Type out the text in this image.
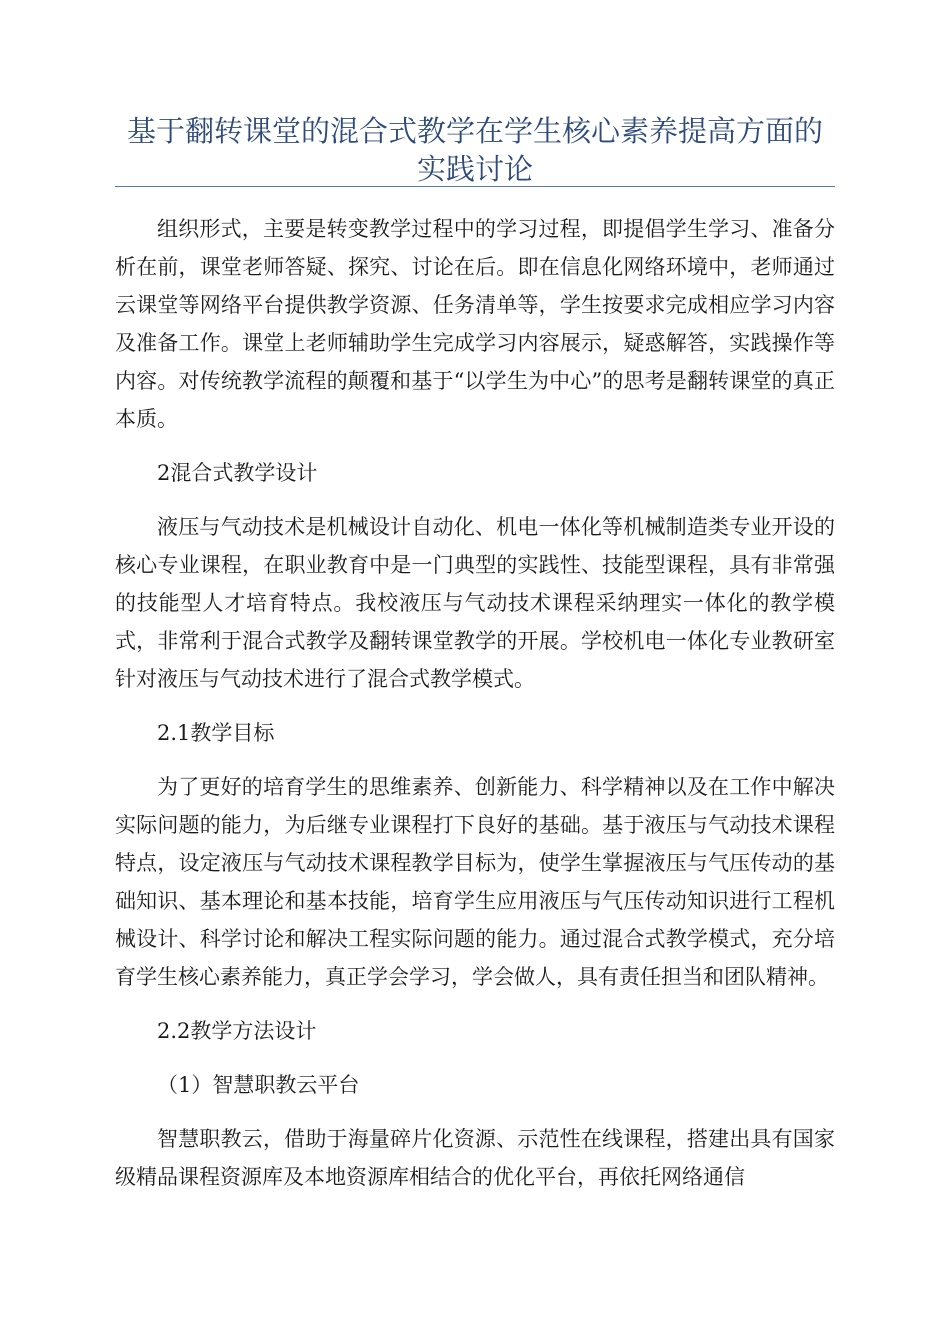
基于翻转课堂的混合式教学在学生核心素养提高方面的实践讨论

组织形式，主要是转变教学过程中的学习过程，即提倡学生学习、准备分析在前，课堂老师答疑、探究、讨论在后。即在信息化网络环境中，老师通过云课堂等网络平台提供教学资源、任务清单等，学生按要求完成相应学习内容及准备工作。课堂上老师辅助学生完成学习内容展示，疑惑解答，实践操作等内容。对传统教学流程的颠覆和基于“以学生为中心”的思考是翻转课堂的真正本质。

2混合式教学设计

液压与气动技术是机械设计自动化、机电一体化等机械制造类专业开设的核心专业课程，在职业教育中是一门典型的实践性、技能型课程，具有非常强的技能型人才培育特点。我校液压与气动技术课程采纳理实一体化的教学模式，非常利于混合式教学及翻转课堂教学的开展。学校机电一体化专业教研室针对液压与气动技术进行了混合式教学模式。

2.1教学目标

为了更好的培育学生的思维素养、创新能力、科学精神以及在工作中解决实际问题的能力，为后继专业课程打下良好的基础。基于液压与气动技术课程特点，设定液压与气动技术课程教学目标为，使学生掌握液压与气压传动的基础知识、基本理论和基本技能，培育学生应用液压与气压传动知识进行工程机械设计、科学讨论和解决工程实际问题的能力。通过混合式教学模式，充分培育学生核心素养能力，真正学会学习，学会做人，具有责任担当和团队精神。

2.2教学方法设计

（1）智慧职教云平台

智慧职教云，借助于海量碎片化资源、示范性在线课程，搭建出具有国家级精品课程资源库及本地资源库相结合的优化平台，再依托网络通信
